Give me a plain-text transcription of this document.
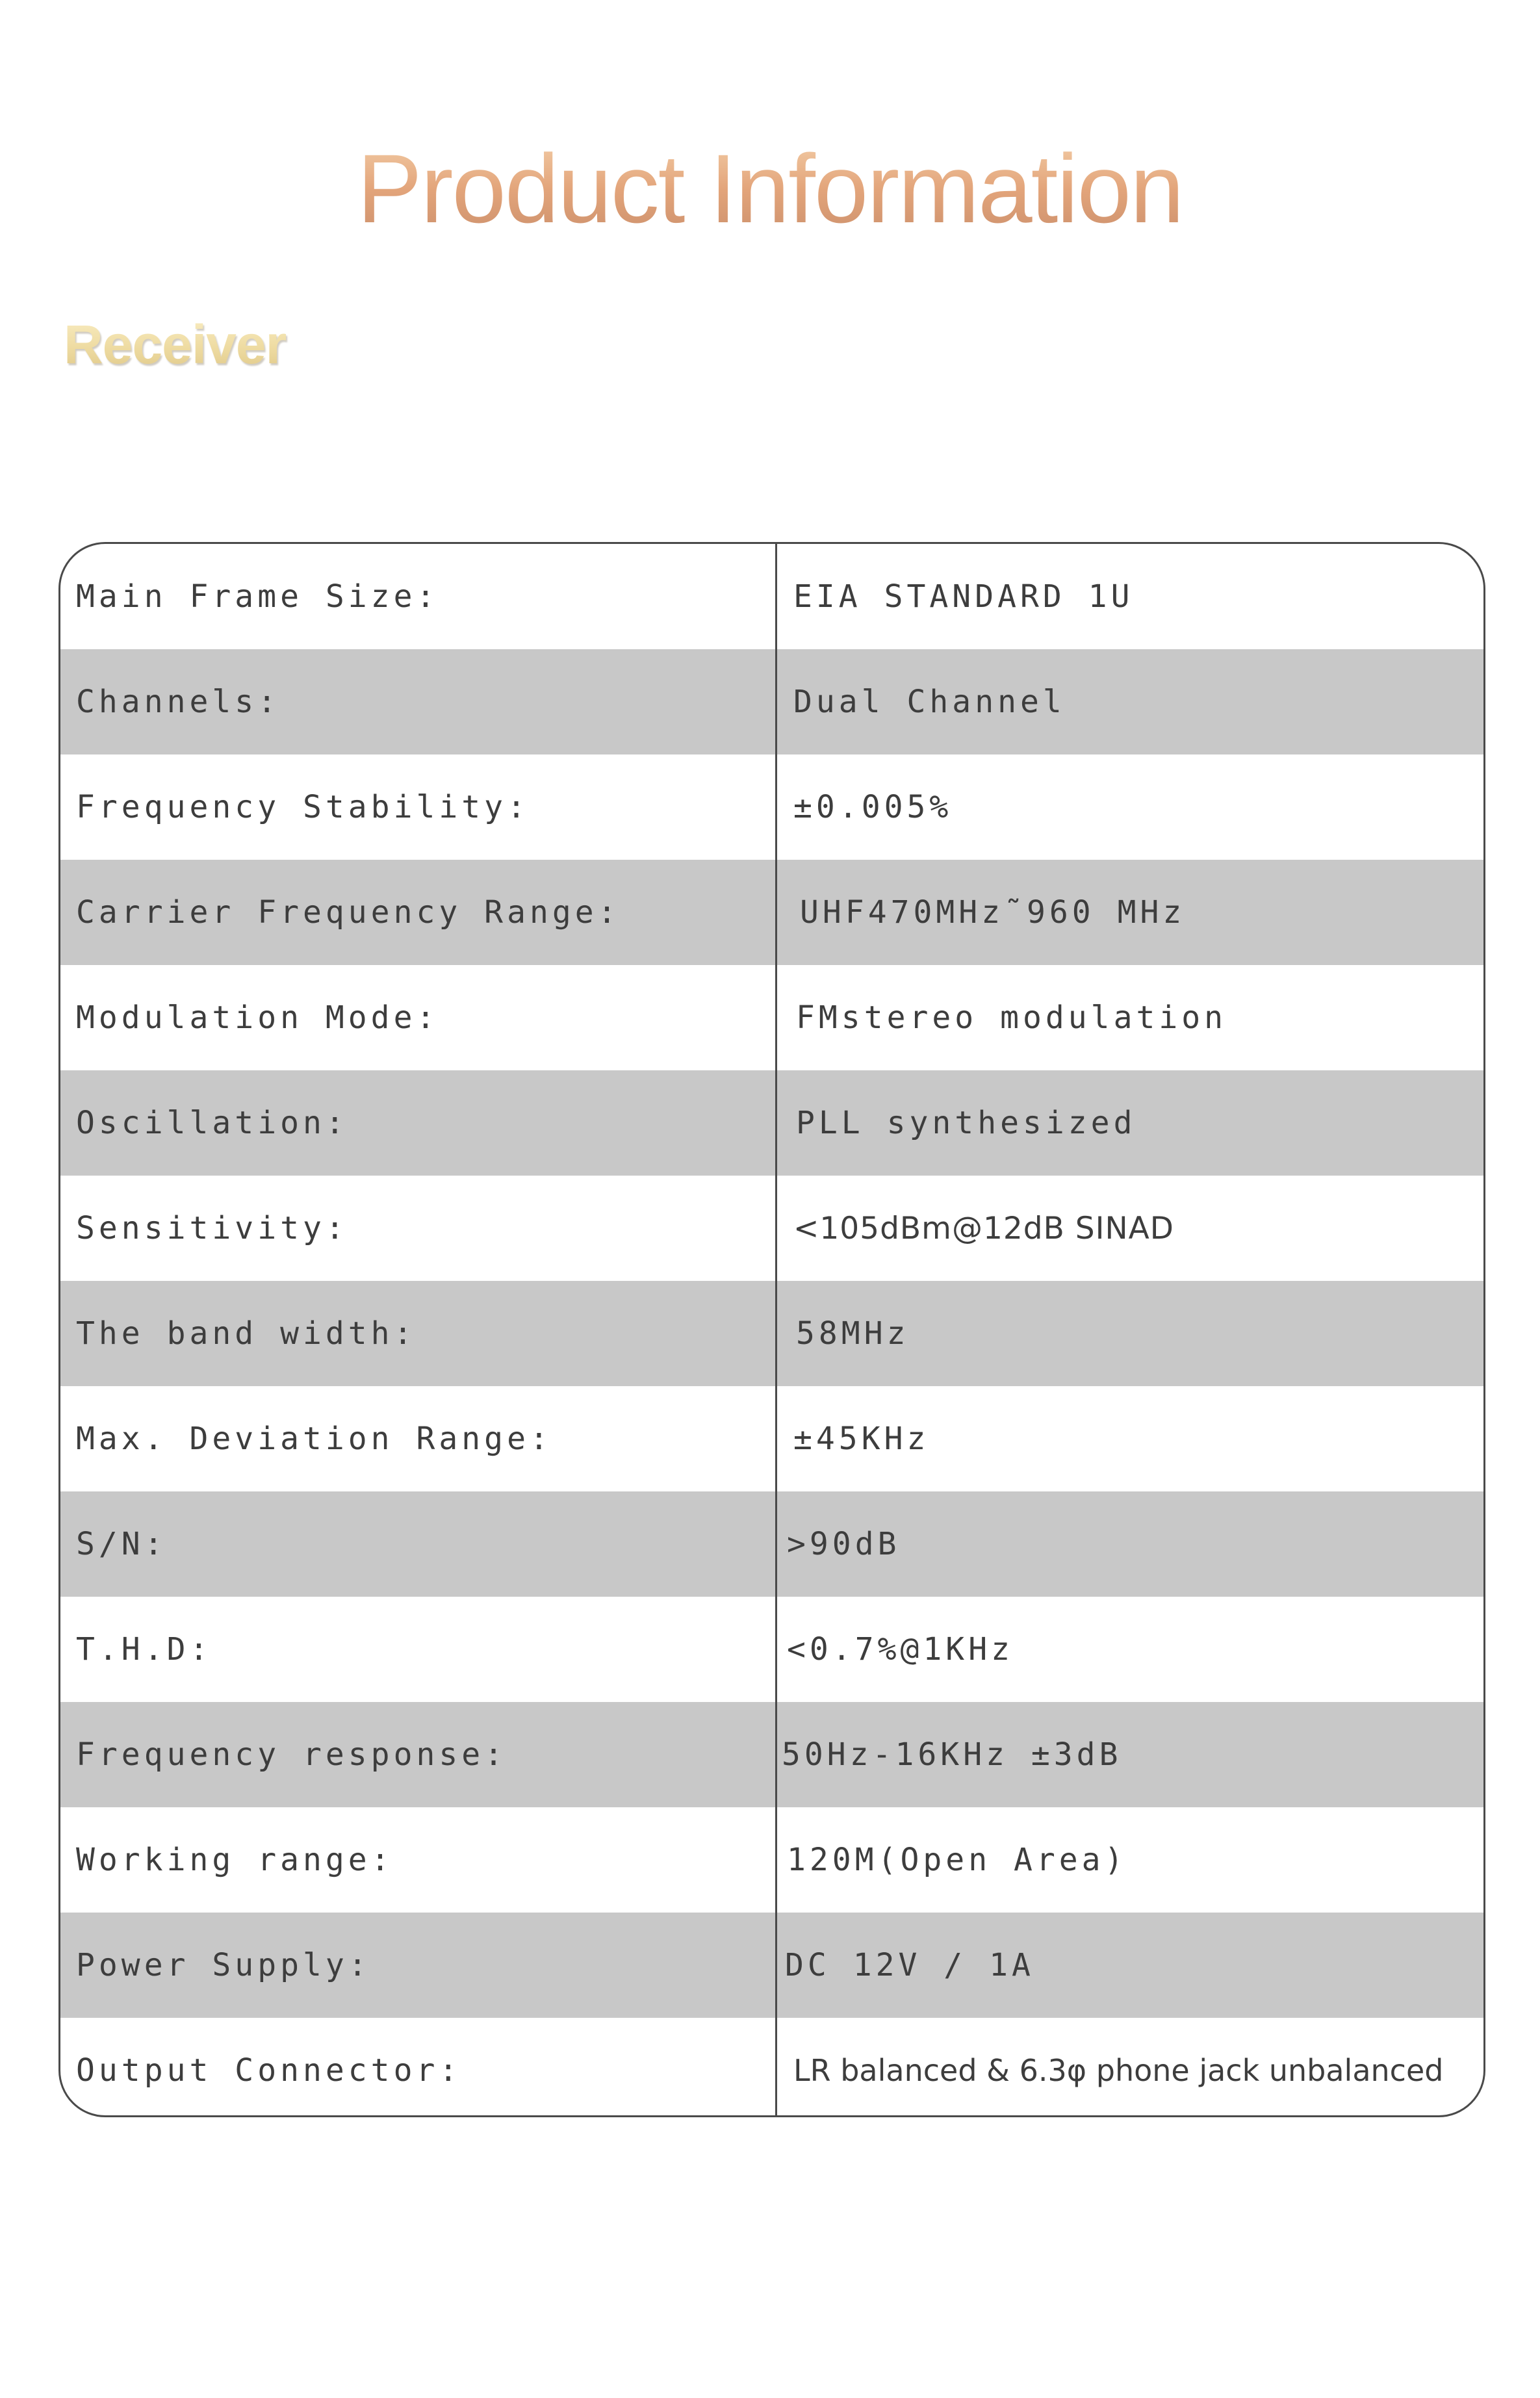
Product Information
Receiver
Main Frame Size:	EIA STANDARD 1U
Channels:	Dual Channel
Frequency Stability:	±0.005%
Carrier Frequency Range:	UHF470MHz˜960 MHz
Modulation Mode:	FMstereo modulation
Oscillation:	PLL synthesized
Sensitivity:	<105dBm@12dB SINAD
The band width:	58MHz
Max. Deviation Range:	±45KHz
S/N:	>90dB
T.H.D:	<0.7%@1KHz
Frequency response:	50Hz-16KHz ±3dB
Working range:	120M(Open Area)
Power Supply:	DC 12V / 1A
Output Connector:	LR balanced & 6.3φ phone jack unbalanced
